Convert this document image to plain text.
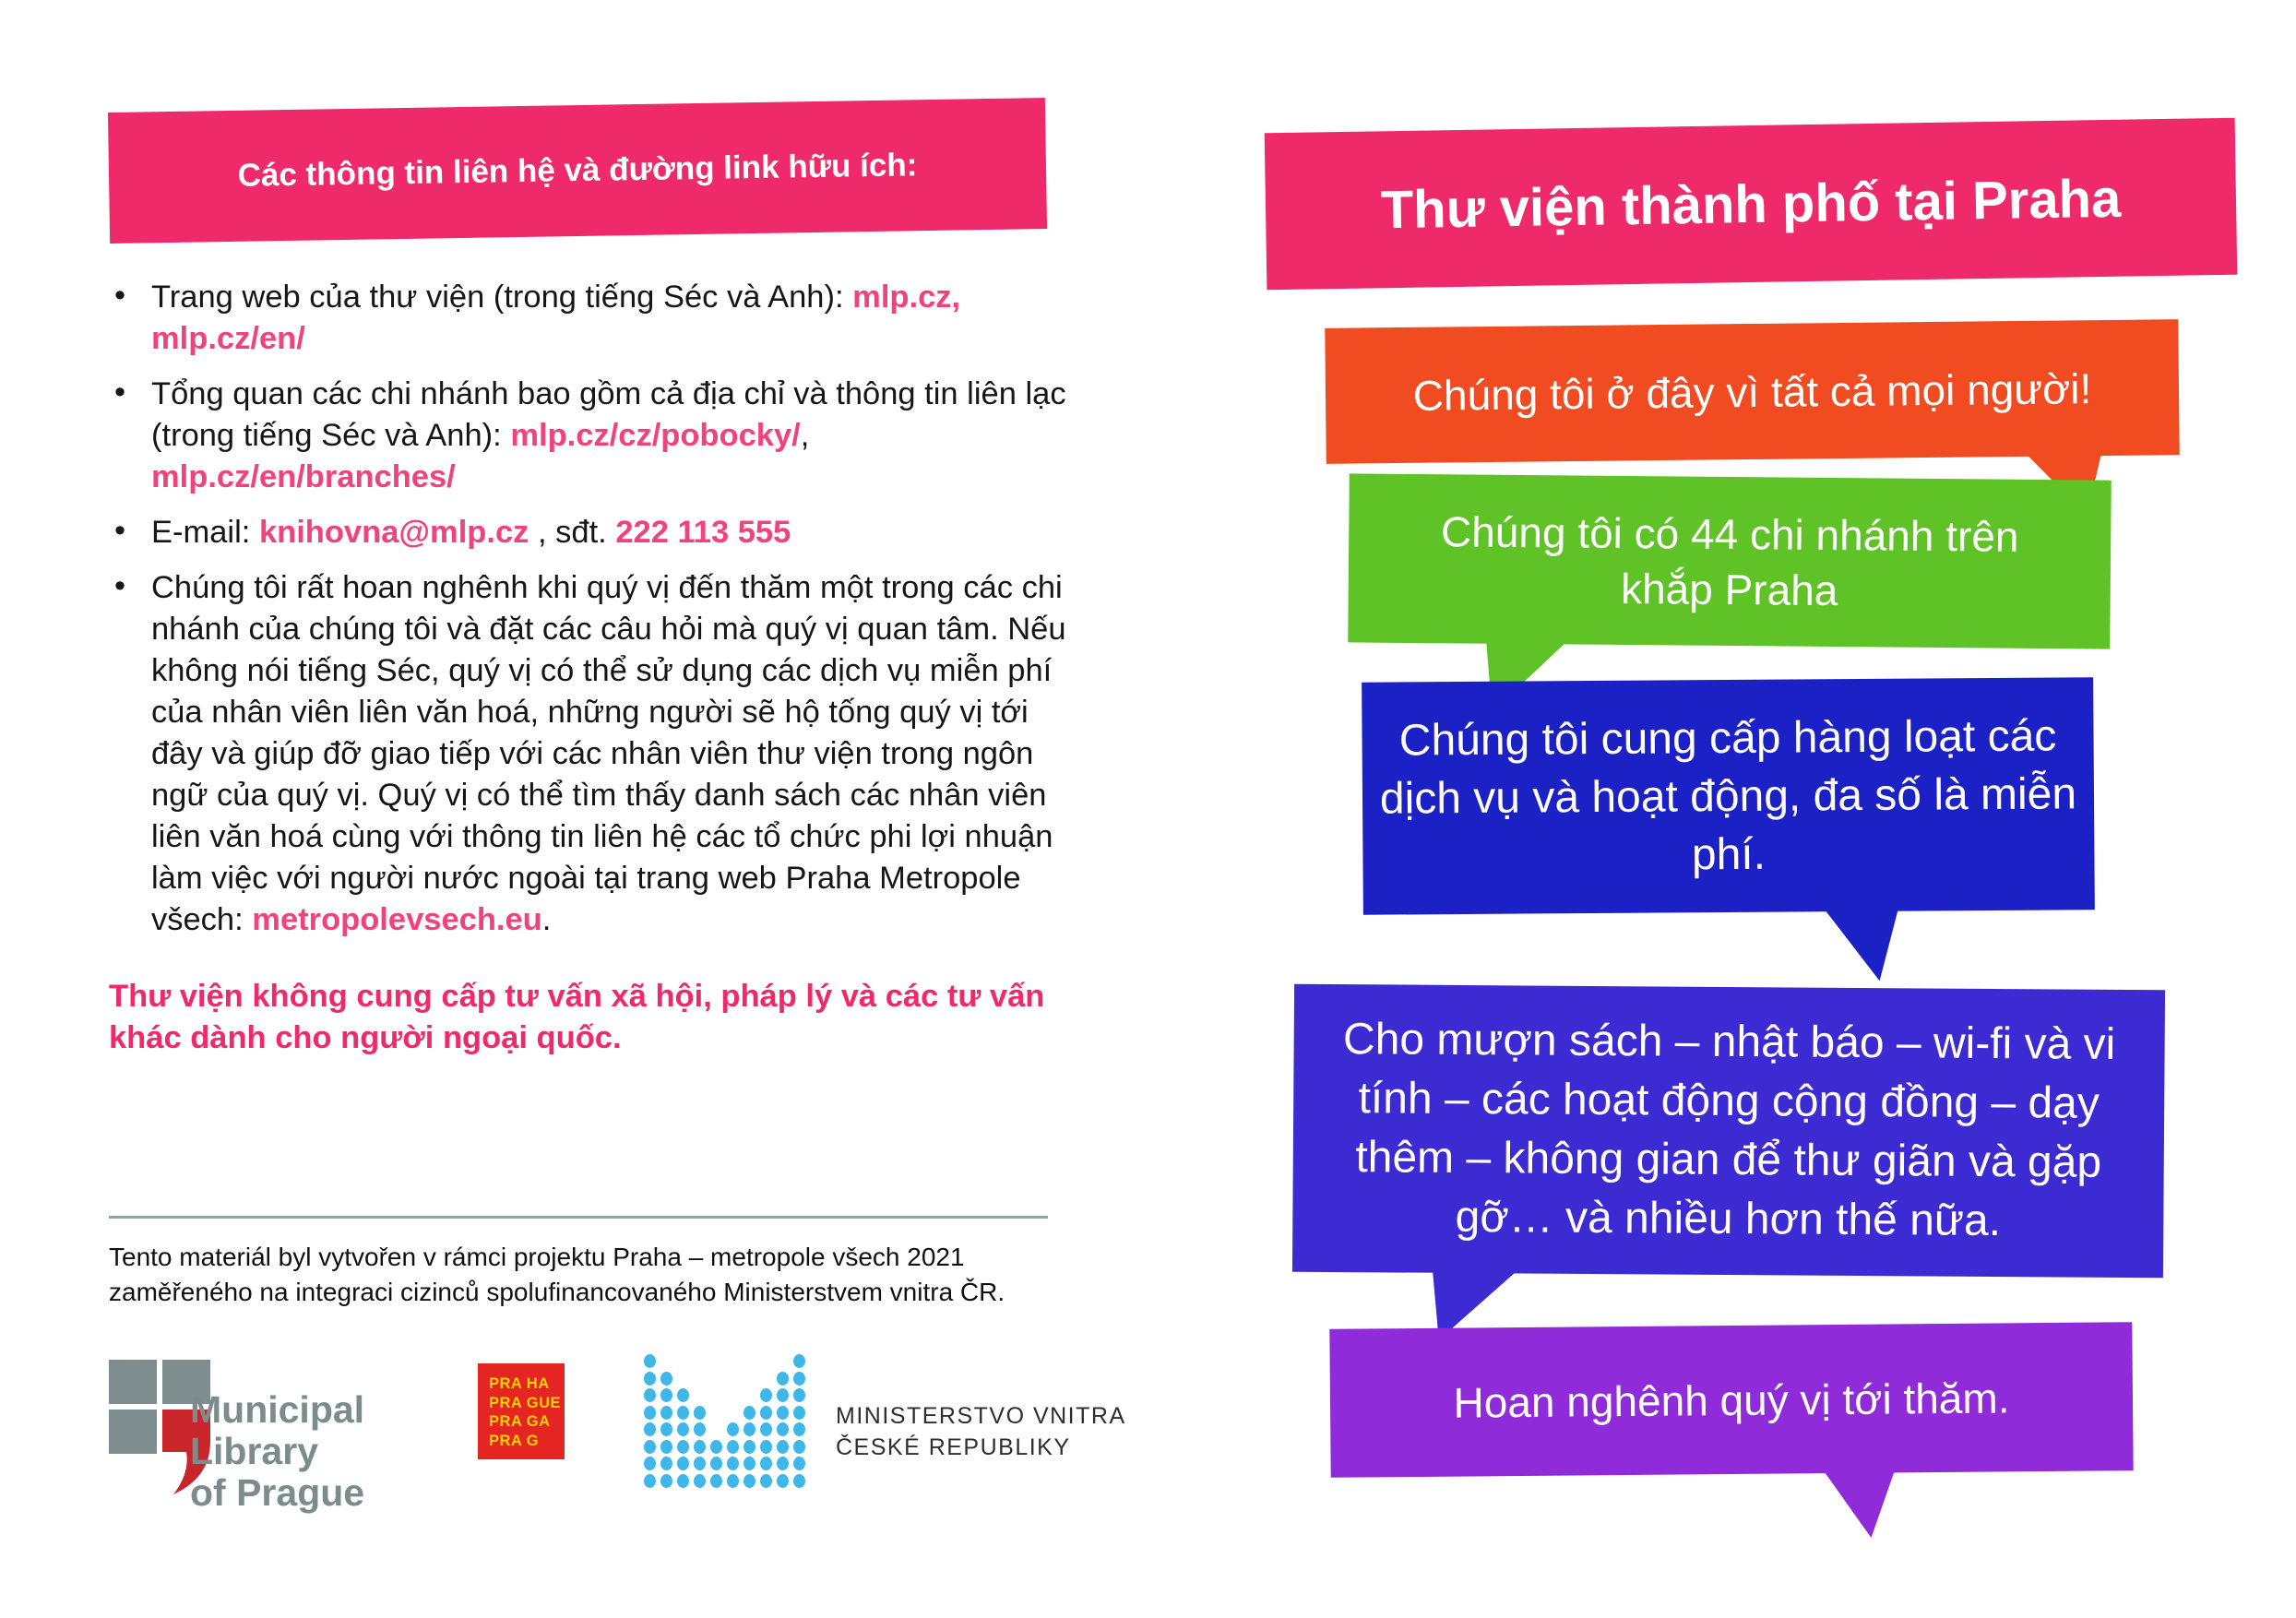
Các thông tin liên hệ và đường link hữu ích:
• Trang web của thư viện (trong tiếng Séc và Anh): mlp.cz, mlp.cz/en/
• Tổng quan các chi nhánh bao gồm cả địa chỉ và thông tin liên lạc (trong tiếng Séc và Anh): mlp.cz/cz/pobocky/,
mlp.cz/en/branches/
• E-mail: knihovna@mlp.cz , sđt. 222 113 555
• Chúng tôi rất hoan nghênh khi quý vị đến thăm một trong các chi nhánh của chúng tôi và đặt các câu hỏi mà quý vị quan tâm. Nếu không nói tiếng Séc, quý vị có thể sử dụng các dịch vụ miễn phí của nhân viên liên văn hoá, những người sẽ hộ tống quý vị tới đây và giúp đỡ giao tiếp với các nhân viên thư viện trong ngôn ngữ của quý vị. Quý vị có thể tìm thấy danh sách các nhân viên liên văn hoá cùng với thông tin liên hệ các tổ chức phi lợi nhuận làm việc với người nước ngoài tại trang web Praha Metropole všech: metropolevsech.eu.
Thư viện không cung cấp tư vấn xã hội, pháp lý và các tư vấn khác dành cho người ngoại quốc.
Tento materiál byl vytvořen v rámci projektu Praha – metropole všech 2021 zaměřeného na integraci cizinců spolufinancovaného Ministerstvem vnitra ČR.
Municipal
Library
of Prague
PRA HA
PRA GUE
PRA GA
PRA G
MINISTERSTVO VNITRA
ČESKÉ REPUBLIKY
Thư viện thành phố tại Praha
Chúng tôi ở đây vì tất cả mọi người!
Chúng tôi có 44 chi nhánh trên khắp Praha
Chúng tôi cung cấp hàng loạt các dịch vụ và hoạt động, đa số là miễn phí.
Cho mượn sách – nhật báo – wi-fi và vi tính – các hoạt động cộng đồng – dạy thêm – không gian để thư giãn và gặp gỡ… và nhiều hơn thế nữa.
Hoan nghênh quý vị tới thăm.
